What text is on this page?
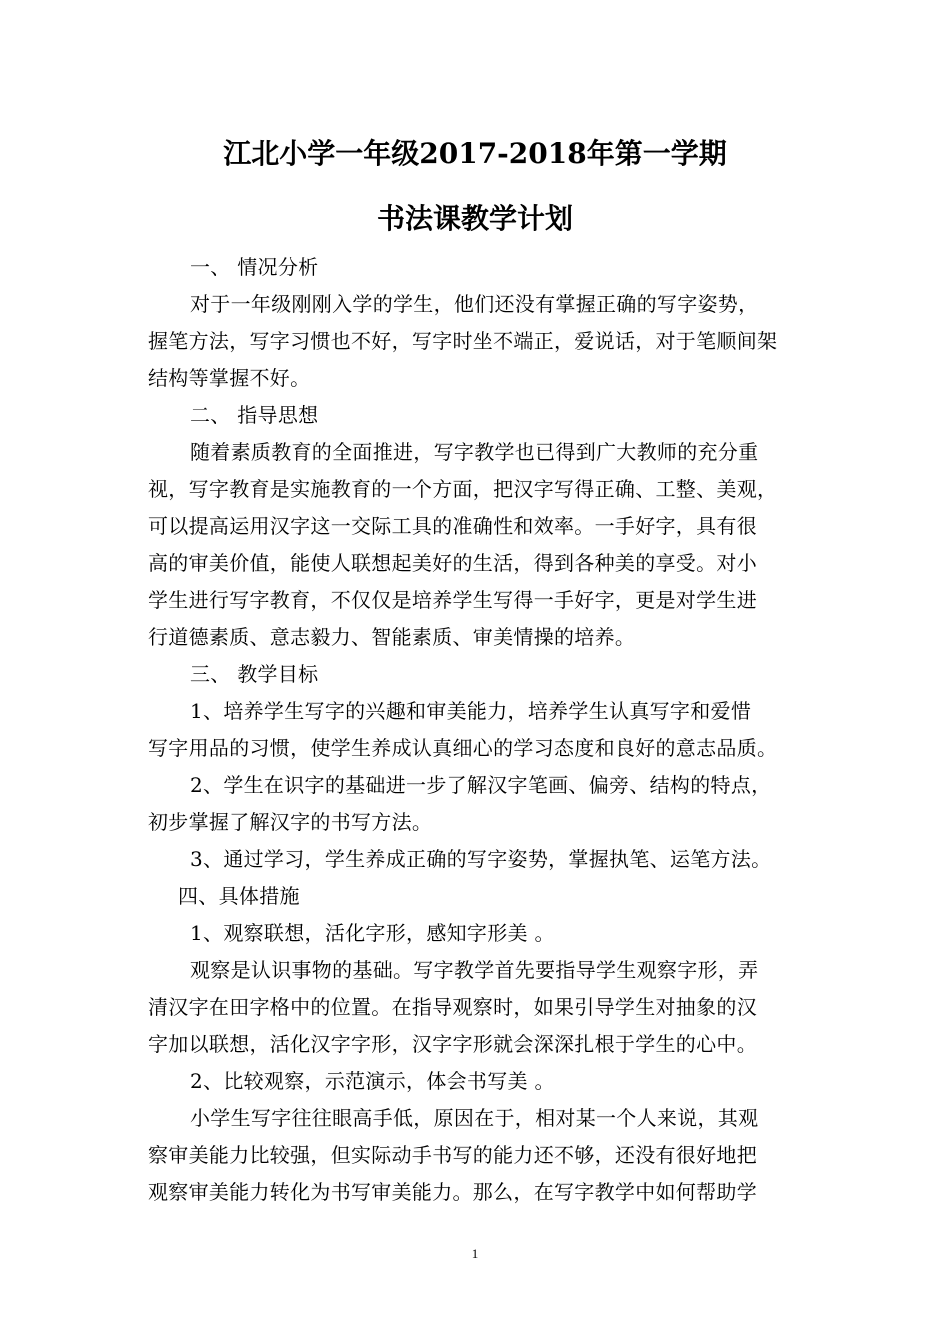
江北小学一年级2017-2018年第一学期
书法课教学计划
一、 情况分析
对于一年级刚刚入学的学生，他们还没有掌握正确的写字姿势，
握笔方法，写字习惯也不好，写字时坐不端正，爱说话，对于笔顺间架
结构等掌握不好。
二、 指导思想
随着素质教育的全面推进，写字教学也已得到广大教师的充分重
视，写字教育是实施教育的一个方面，把汉字写得正确、工整、美观，
可以提高运用汉字这一交际工具的准确性和效率。一手好字，具有很
高的审美价值，能使人联想起美好的生活，得到各种美的享受。对小
学生进行写字教育，不仅仅是培养学生写得一手好字，更是对学生进
行道德素质、意志毅力、智能素质、审美情操的培养。
三、 教学目标
1、培养学生写字的兴趣和审美能力，培养学生认真写字和爱惜
写字用品的习惯，使学生养成认真细心的学习态度和良好的意志品质。
2、学生在识字的基础进一步了解汉字笔画、偏旁、结构的特点，
初步掌握了解汉字的书写方法。
3、通过学习，学生养成正确的写字姿势，掌握执笔、运笔方法。
四、具体措施
1、观察联想，活化字形，感知字形美 。
观察是认识事物的基础。写字教学首先要指导学生观察字形，弄
清汉字在田字格中的位置。在指导观察时，如果引导学生对抽象的汉
字加以联想，活化汉字字形，汉字字形就会深深扎根于学生的心中。
2、比较观察，示范演示，体会书写美 。
小学生写字往往眼高手低，原因在于，相对某一个人来说，其观
察审美能力比较强，但实际动手书写的能力还不够，还没有很好地把
观察审美能力转化为书写审美能力。那么，在写字教学中如何帮助学
1
